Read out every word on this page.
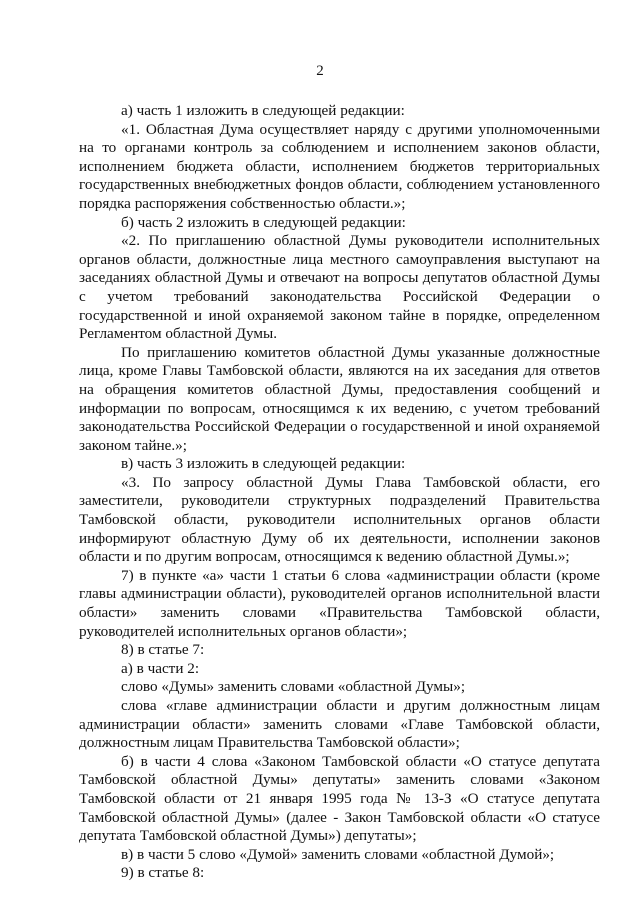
2

а) часть 1 изложить в следующей редакции:

«1. Областная Дума осуществляет наряду с другими уполномоченными на то органами контроль за соблюдением и исполнением законов области, исполнением бюджета области, исполнением бюджетов территориальных государственных внебюджетных фондов области, соблюдением установленного порядка распоряжения собственностью области.»;

б) часть 2 изложить в следующей редакции:

«2. По приглашению областной Думы руководители исполнительных органов области, должностные лица местного самоуправления выступают на заседаниях областной Думы и отвечают на вопросы депутатов областной Думы с учетом требований законодательства Российской Федерации о государственной и иной охраняемой законом тайне в порядке, определенном Регламентом областной Думы.

По приглашению комитетов областной Думы указанные должностные лица, кроме Главы Тамбовской области, являются на их заседания для ответов на обращения комитетов областной Думы, предоставления сообщений и информации по вопросам, относящимся к их ведению, с учетом требований законодательства Российской Федерации о государственной и иной охраняемой законом тайне.»;

в) часть 3 изложить в следующей редакции:

«3. По запросу областной Думы Глава Тамбовской области, его заместители, руководители структурных подразделений Правительства Тамбовской области, руководители исполнительных органов области информируют областную Думу об их деятельности, исполнении законов области и по другим вопросам, относящимся к ведению областной Думы.»;

7) в пункте «а» части 1 статьи 6 слова «администрации области (кроме главы администрации области), руководителей органов исполнительной власти области» заменить словами «Правительства Тамбовской области, руководителей исполнительных органов области»;

8) в статье 7:

а) в части 2:

слово «Думы» заменить словами «областной Думы»;

слова «главе администрации области и другим должностным лицам администрации области» заменить словами «Главе Тамбовской области, должностным лицам Правительства Тамбовской области»;

б) в части 4 слова «Законом Тамбовской области «О статусе депутата Тамбовской областной Думы» депутаты» заменить словами «Законом Тамбовской области от 21 января 1995 года № 13-З «О статусе депутата Тамбовской областной Думы» (далее - Закон Тамбовской области «О статусе депутата Тамбовской областной Думы») депутаты»;

в) в части 5 слово «Думой» заменить словами «областной Думой»;

9) в статье 8:
